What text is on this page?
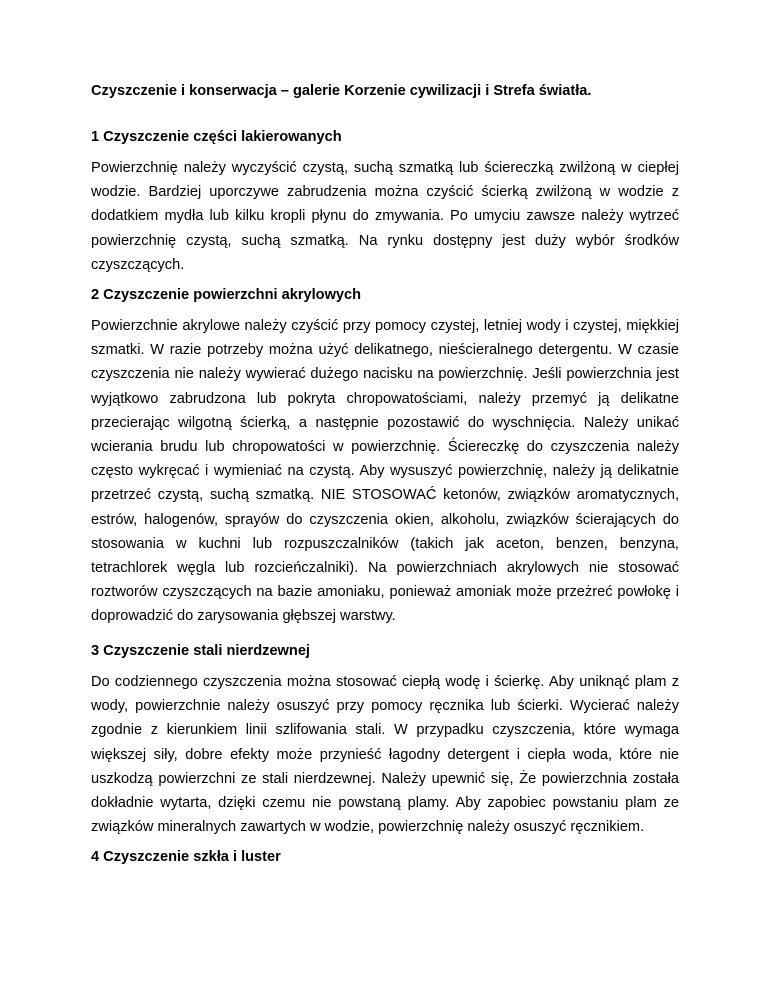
Czyszczenie i konserwacja – galerie Korzenie cywilizacji i Strefa światła.
1 Czyszczenie części lakierowanych

Powierzchnię należy wyczyścić czystą, suchą szmatką lub ściereczką zwilżoną w ciepłej wodzie. Bardziej uporczywe zabrudzenia można czyścić ścierką zwilżoną w wodzie z dodatkiem mydła lub kilku kropli płynu do zmywania. Po umyciu zawsze należy wytrzeć powierzchnię czystą, suchą szmatką. Na rynku dostępny jest duży wybór środków czyszczących.

2 Czyszczenie powierzchni akrylowych

Powierzchnie akrylowe należy czyścić przy pomocy czystej, letniej wody i czystej, miękkiej szmatki. W razie potrzeby można użyć delikatnego, nieścieralnego detergentu. W czasie czyszczenia nie należy wywierać dużego nacisku na powierzchnię. Jeśli powierzchnia jest wyjątkowo zabrudzona lub pokryta chropowatościami, należy przemyć ją delikatne przecierając wilgotną ścierką, a następnie pozostawić do wyschnięcia. Należy unikać wcierania brudu lub chropowatości w powierzchnię. Ściereczkę do czyszczenia należy często wykręcać i wymieniać na czystą. Aby wysuszyć powierzchnię, należy ją delikatnie przetrzeć czystą, suchą szmatką. NIE STOSOWAĆ ketonów, związków aromatycznych, estrów, halogenów, sprayów do czyszczenia okien, alkoholu, związków ścierających do stosowania w kuchni lub rozpuszczalników (takich jak aceton, benzen, benzyna, tetrachlorek węgla lub rozcieńczalniki). Na powierzchniach akrylowych nie stosować roztworów czyszczących na bazie amoniaku, ponieważ amoniak może przeżreć powłokę i doprowadzić do zarysowania głębszej warstwy.

3 Czyszczenie stali nierdzewnej

Do codziennego czyszczenia można stosować ciepłą wodę i ścierkę. Aby uniknąć plam z wody, powierzchnie należy osuszyć przy pomocy ręcznika lub ścierki. Wycierać należy zgodnie z kierunkiem linii szlifowania stali. W przypadku czyszczenia, które wymaga większej siły, dobre efekty może przynieść łagodny detergent i ciepła woda, które nie uszkodzą powierzchni ze stali nierdzewnej. Należy upewnić się, Że powierzchnia została dokładnie wytarta, dzięki czemu nie powstaną plamy. Aby zapobiec powstaniu plam ze związków mineralnych zawartych w wodzie, powierzchnię należy osuszyć ręcznikiem.

4 Czyszczenie szkła i luster
